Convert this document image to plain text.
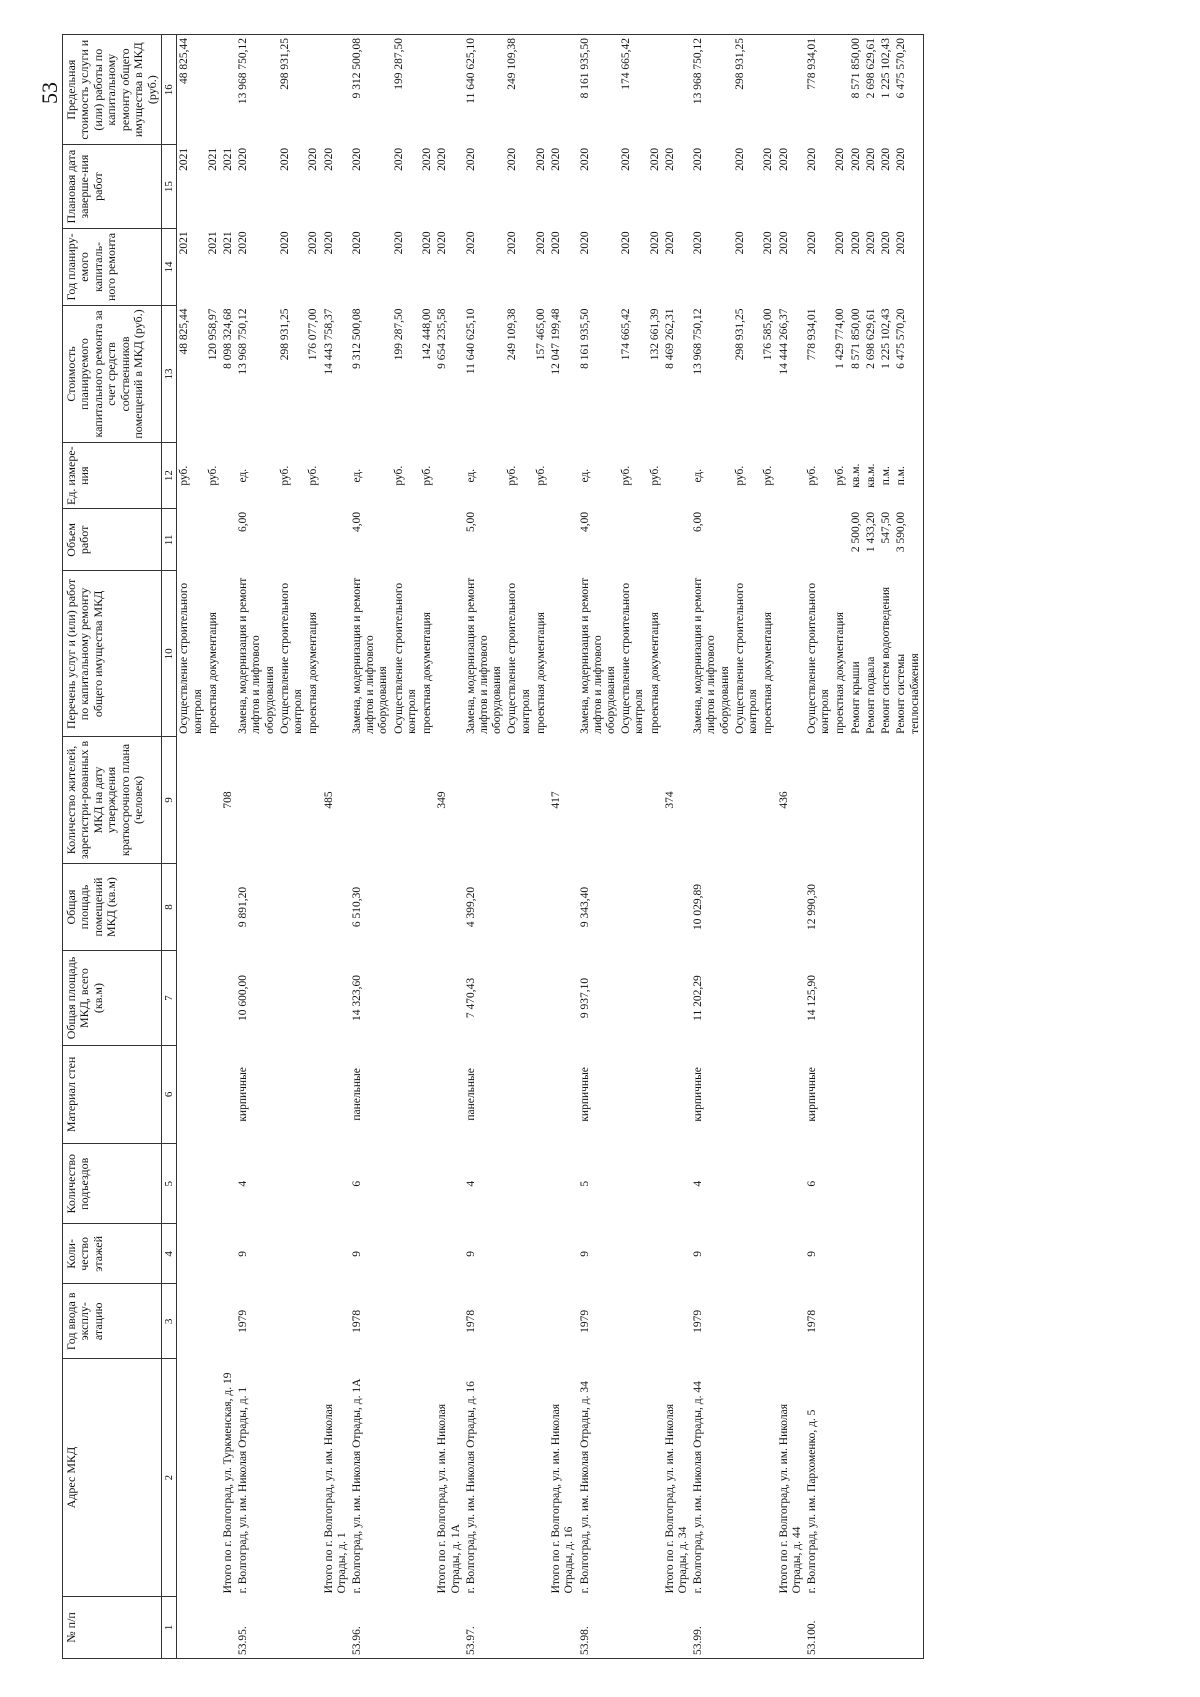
53
№ п/п	Адрес МКД	Год ввода в эксплу-атацию	Коли-чество этажей	Количество подъездов	Материал стен	Общая площадь МКД, всего (кв.м)	Общая площадь помещений МКД (кв.м)	Количество жителей, зарегистри-рованных в МКД на дату утверждения краткосрочного плана (человек)	Перечень услуг и (или) работ по капитальному ремонту общего имущества МКД	Объем работ	Ед. измере-ния	Стоимость планируемого капитального ремонта за счет средств собственников помещений в МКД (руб.)	Год планиру-емого капиталь-ного ремонта	Плановая дата заверше-ния работ	Предельная стоимость услуги и (или) работы по капитальному ремонту общего имущества в МКД (руб.)
1	2	3	4	5	6	7	8	9	10	11	12	13	14	15	16
									Осуществление строительного контроля		руб.	48 825,44	2021	2021	48 825,44
									проектная документация		руб.	120 958,97	2021	2021	
	Итого по г. Волгоград, ул. Туркменская, д. 19							708				8 098 324,68	2021	2021	
53.95.	г. Волгоград, ул. им. Николая Отрады, д. 1	1979	9	4	кирпичные	10 600,00	9 891,20		Замена, модернизация и ремонт лифтов и лифтового оборудования	6,00	ед.	13 968 750,12	2020	2020	13 968 750,12
									Осуществление строительного контроля		руб.	298 931,25	2020	2020	298 931,25
									проектная документация		руб.	176 077,00	2020	2020	
	Итого по г. Волгоград, ул. им. Николая Отрады, д. 1							485				14 443 758,37	2020	2020	
53.96.	г. Волгоград, ул. им. Николая Отрады, д. 1А	1978	9	6	панельные	14 323,60	6 510,30		Замена, модернизация и ремонт лифтов и лифтового оборудования	4,00	ед.	9 312 500,08	2020	2020	9 312 500,08
									Осуществление строительного контроля		руб.	199 287,50	2020	2020	199 287,50
									проектная документация		руб.	142 448,00	2020	2020	
	Итого по г. Волгоград, ул. им. Николая Отрады, д. 1А							349				9 654 235,58	2020	2020	
53.97.	г. Волгоград, ул. им. Николая Отрады, д. 16	1978	9	4	панельные	7 470,43	4 399,20		Замена, модернизация и ремонт лифтов и лифтового оборудования	5,00	ед.	11 640 625,10	2020	2020	11 640 625,10
									Осуществление строительного контроля		руб.	249 109,38	2020	2020	249 109,38
									проектная документация		руб.	157 465,00	2020	2020	
	Итого по г. Волгоград, ул. им. Николая Отрады, д. 16							417				12 047 199,48	2020	2020	
53.98.	г. Волгоград, ул. им. Николая Отрады, д. 34	1979	9	5	кирпичные	9 937,10	9 343,40		Замена, модернизация и ремонт лифтов и лифтового оборудования	4,00	ед.	8 161 935,50	2020	2020	8 161 935,50
									Осуществление строительного контроля		руб.	174 665,42	2020	2020	174 665,42
									проектная документация		руб.	132 661,39	2020	2020	
	Итого по г. Волгоград, ул. им. Николая Отрады, д. 34							374				8 469 262,31	2020	2020	
53.99.	г. Волгоград, ул. им. Николая Отрады, д. 44	1979	9	4	кирпичные	11 202,29	10 029,89		Замена, модернизация и ремонт лифтов и лифтового оборудования	6,00	ед.	13 968 750,12	2020	2020	13 968 750,12
									Осуществление строительного контроля		руб.	298 931,25	2020	2020	298 931,25
									проектная документация		руб.	176 585,00	2020	2020	
	Итого по г. Волгоград, ул. им. Николая Отрады, д. 44							436				14 444 266,37	2020	2020	
53.100.	г. Волгоград, ул. им. Пархоменко, д. 5	1978	9	6	кирпичные	14 125,90	12 990,30		Осуществление строительного контроля		руб.	778 934,01	2020	2020	778 934,01
									проектная документация		руб.	1 429 774,00	2020	2020	
									Ремонт крыши	2 500,00	кв.м.	8 571 850,00	2020	2020	8 571 850,00
									Ремонт подвала	1 433,20	кв.м.	2 698 629,61	2020	2020	2 698 629,61
									Ремонт систем водоотведения	547,50	п.м.	1 225 102,43	2020	2020	1 225 102,43
									Ремонт системы теплоснабжения	3 590,00	п.м.	6 475 570,20	2020	2020	6 475 570,20
